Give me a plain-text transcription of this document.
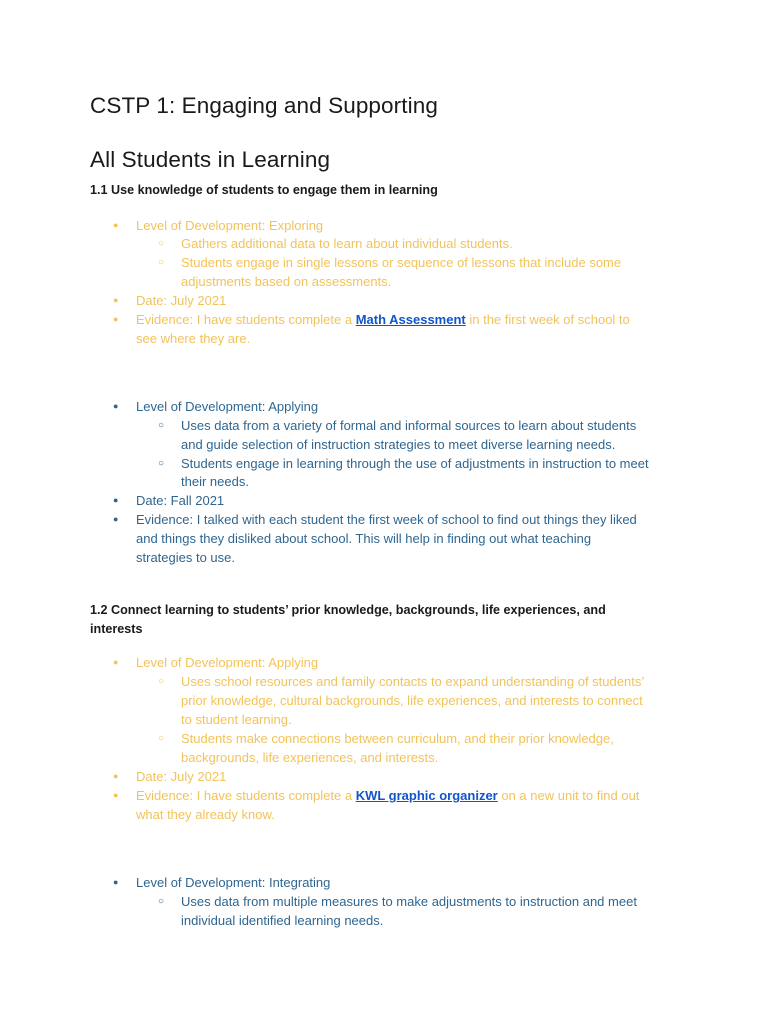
CSTP 1: Engaging and Supporting
All Students in Learning
1.1 Use knowledge of students to engage them in learning
● Level of Development: Exploring
○ Gathers additional data to learn about individual students.
○ Students engage in single lessons or sequence of lessons that include some
adjustments based on assessments.
● Date: July 2021
● Evidence: I have students complete a Math Assessment in the first week of school to
see where they are.
● Level of Development: Applying
○ Uses data from a variety of formal and informal sources to learn about students
and guide selection of instruction strategies to meet diverse learning needs.
○ Students engage in learning through the use of adjustments in instruction to meet
their needs.
● Date: Fall 2021
● Evidence: I talked with each student the first week of school to find out things they liked
and things they disliked about school. This will help in finding out what teaching
strategies to use.
1.2 Connect learning to students’ prior knowledge, backgrounds, life experiences, and
interests
● Level of Development: Applying
○ Uses school resources and family contacts to expand understanding of students’
prior knowledge, cultural backgrounds, life experiences, and interests to connect
to student learning.
○ Students make connections between curriculum, and their prior knowledge,
backgrounds, life experiences, and interests.
● Date: July 2021
● Evidence: I have students complete a KWL graphic organizer on a new unit to find out
what they already know.
● Level of Development: Integrating
○ Uses data from multiple measures to make adjustments to instruction and meet
individual identified learning needs.
